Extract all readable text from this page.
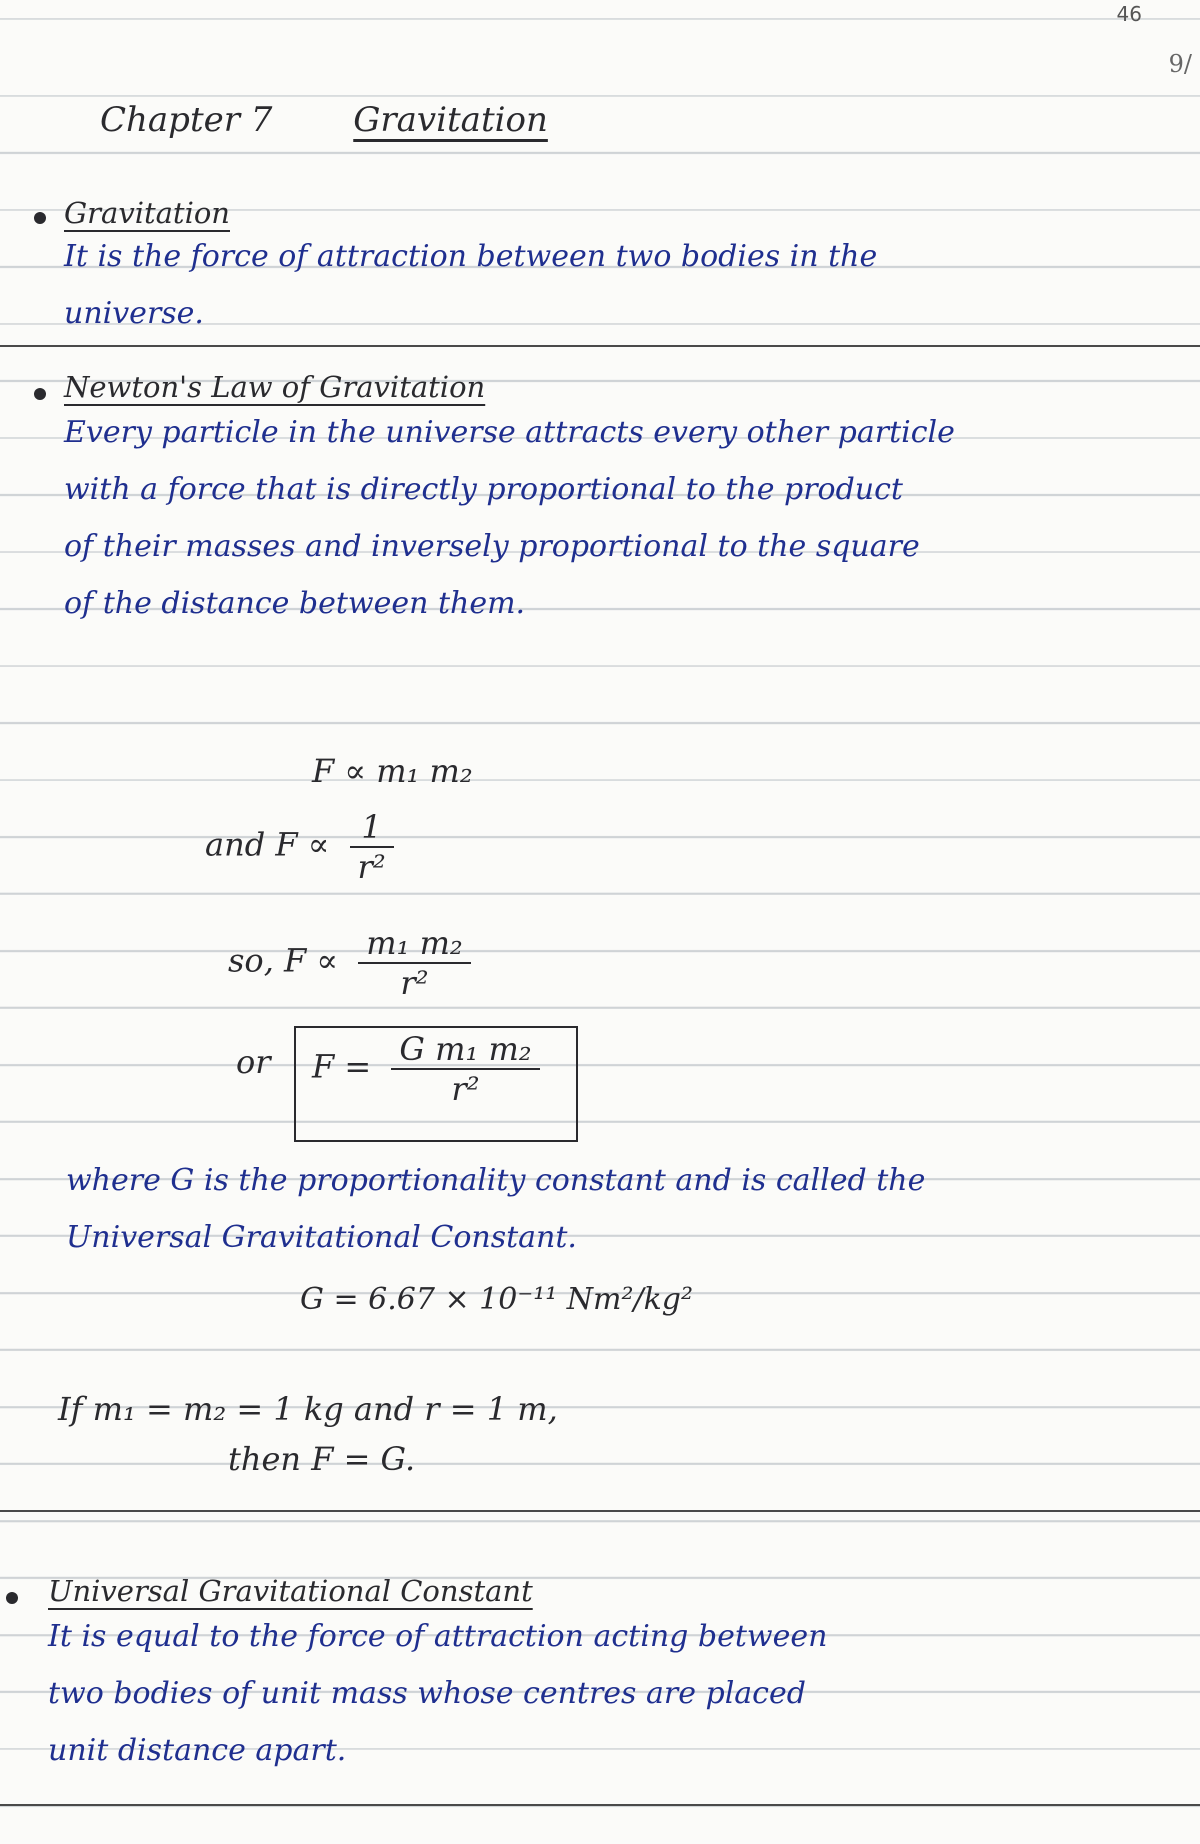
46
9/
Chapter 7 Gravitation
Gravitation
It is the force of attraction between two bodies in the
universe.
Newton's Law of Gravitation
Every particle in the universe attracts every other particle
with a force that is directly proportional to the product
of their masses and inversely proportional to the square
of the distance between them.
F ∝ m₁ m₂
and $F \propto \frac{1}{\text{r²}}$
so, $F \propto \frac{\text{m₁ m₂}}{\text{r²}}$
or $F = \frac{\text{G m₁ m₂}}{\text{r²}}$
where G is the proportionality constant and is called the
Universal Gravitational Constant.
G = 6.67 × 10⁻¹¹ Nm²/kg²
If m₁ = m₂ = 1 kg and r = 1 m,
then F = G.
Universal Gravitational Constant
It is equal to the force of attraction acting between
two bodies of unit mass whose centres are placed
unit distance apart.
